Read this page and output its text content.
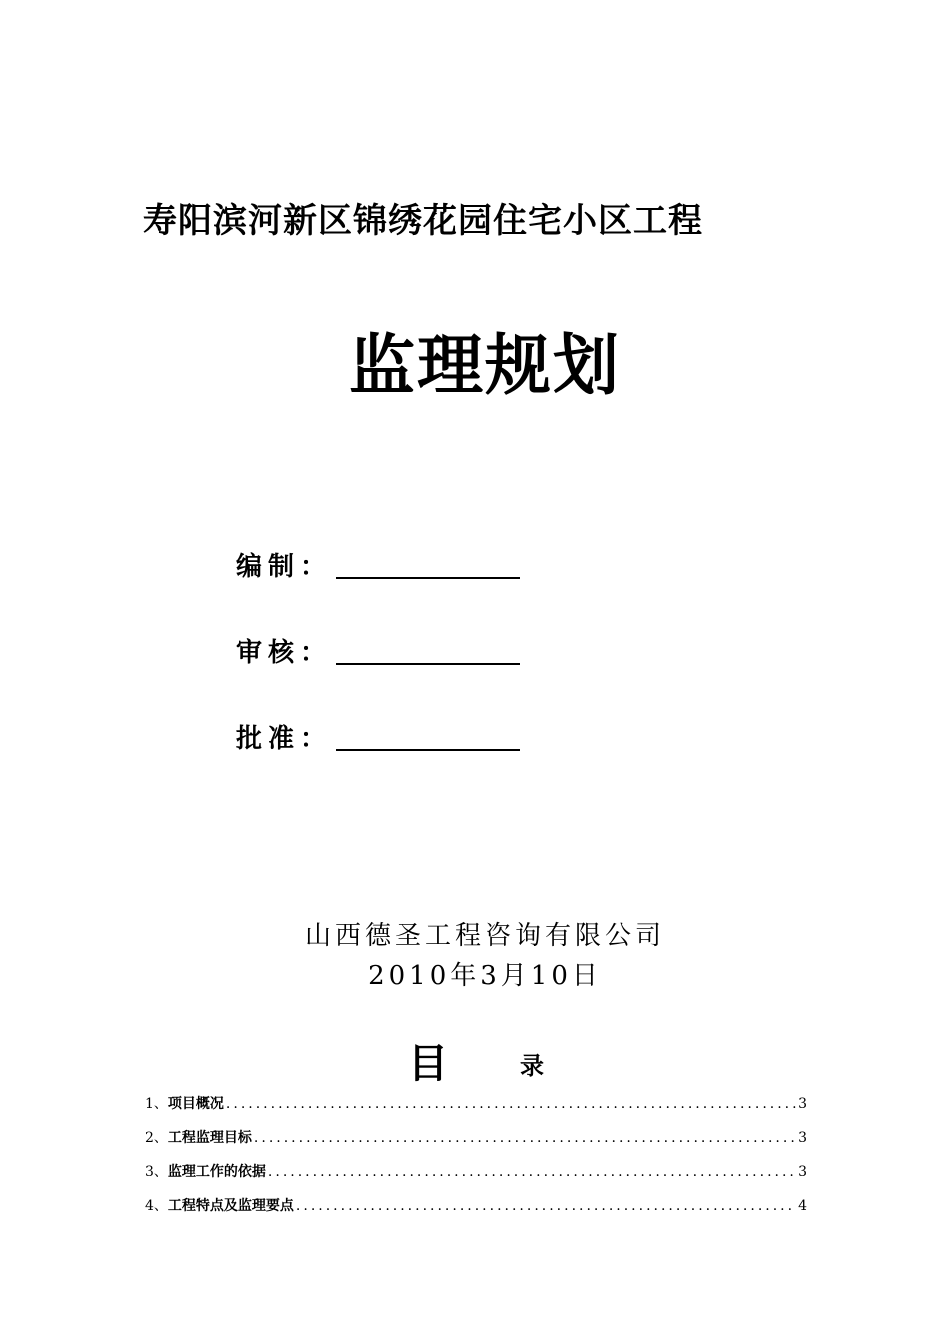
寿阳滨河新区锦绣花园住宅小区工程
监理规划
编制：
审核：
批准：
山西德圣工程咨询有限公司
2010年3月10日
目	录
1、 项目概况 .....	3
2、 工程监理目标 .....	3
3、 监理工作的依据 .....	3
4、 工程特点及监理要点 .....	4
